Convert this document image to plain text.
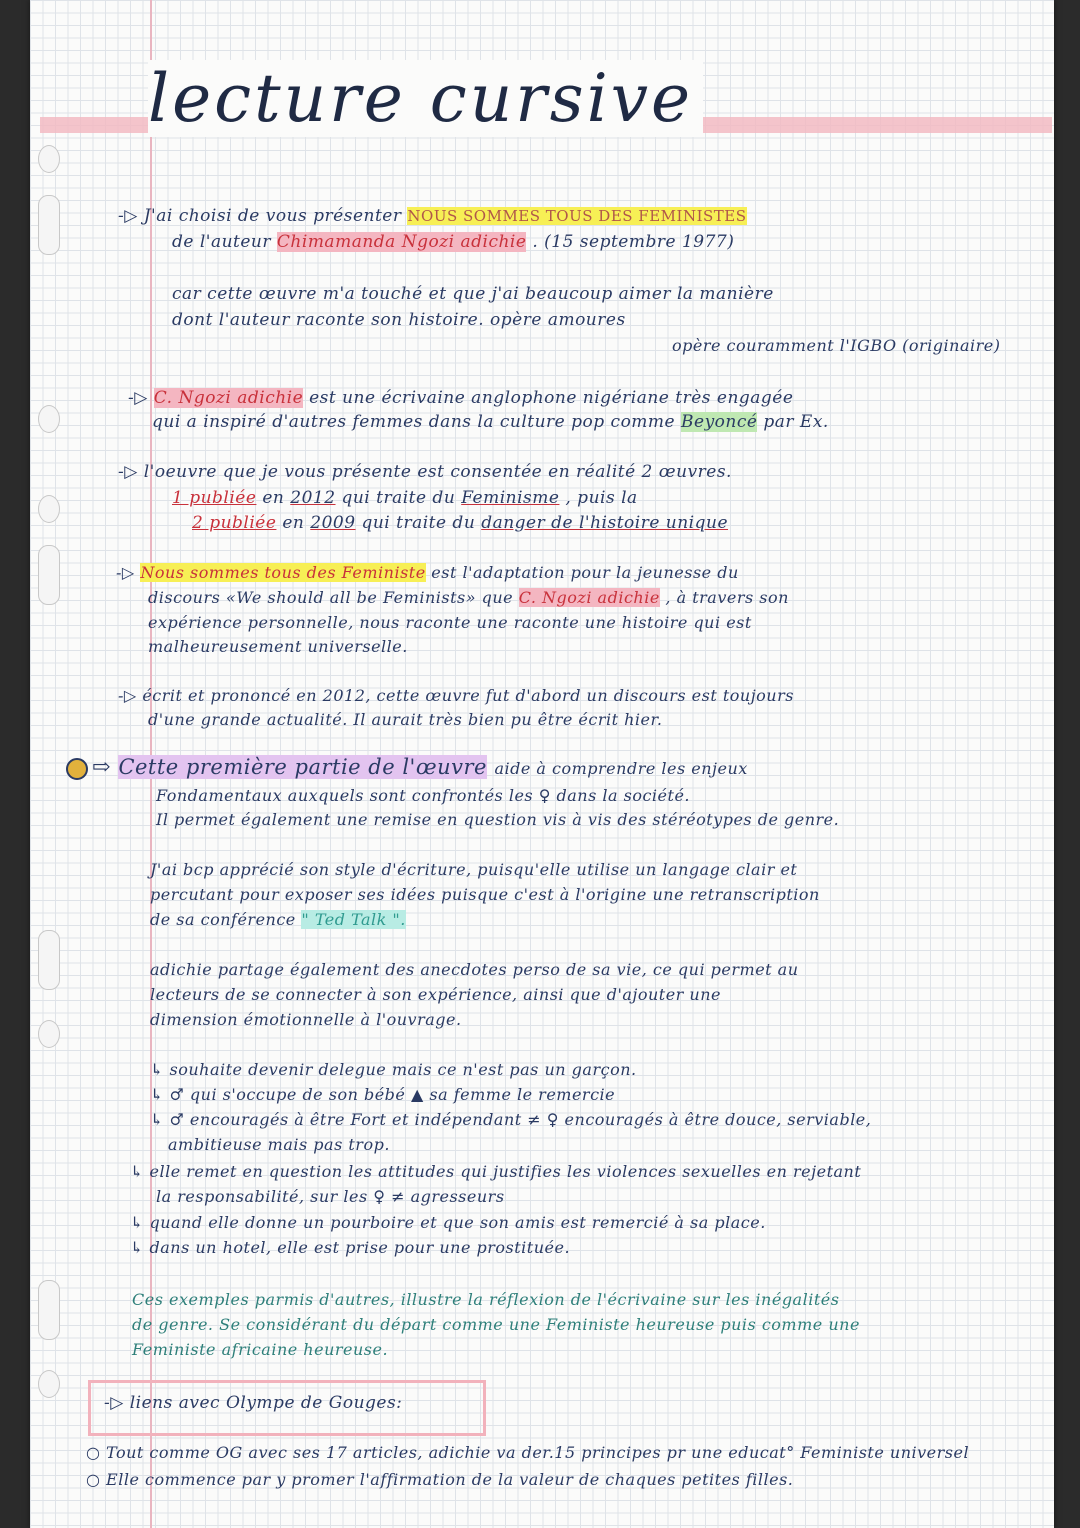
lecture cursive
-▷ J'ai choisi de vous présenter NOUS SOMMES TOUS DES FEMINISTES
de l'auteur Chimamanda Ngozi adichie . (15 septembre 1977)
car cette œuvre m'a touché et que j'ai beaucoup aimer la manière
dont l'auteur raconte son histoire. opère amoures
opère couramment l'IGBO (originaire)
-▷ C. Ngozi adichie est une écrivaine anglophone nigériane très engagée
qui a inspiré d'autres femmes dans la culture pop comme Beyoncé par Ex.
-▷ l'oeuvre que je vous présente est consentée en réalité 2 œuvres.
1 publiée en 2012 qui traite du Feminisme , puis la
2 publiée en 2009 qui traite du danger de l'histoire unique
-▷ Nous sommes tous des Feministe est l'adaptation pour la jeunesse du
discours «We should all be Feminists» que C. Ngozi adichie , à travers son
expérience personnelle, nous raconte une raconte une histoire qui est
malheureusement universelle.
-▷ écrit et prononcé en 2012, cette œuvre fut d'abord un discours est toujours
d'une grande actualité. Il aurait très bien pu être écrit hier.
⇨ Cette première partie de l'œuvre aide à comprendre les enjeux
Fondamentaux auxquels sont confrontés les ♀ dans la société.
Il permet également une remise en question vis à vis des stéréotypes de genre.
J'ai bcp apprécié son style d'écriture, puisqu'elle utilise un langage clair et
percutant pour exposer ses idées puisque c'est à l'origine une retranscription
de sa conférence " Ted Talk ".
adichie partage également des anecdotes perso de sa vie, ce qui permet au
lecteurs de se connecter à son expérience, ainsi que d'ajouter une
dimension émotionnelle à l'ouvrage.
↳ souhaite devenir delegue mais ce n'est pas un garçon.
↳ ♂ qui s'occupe de son bébé ▲ sa femme le remercie
↳ ♂ encouragés à être Fort et indépendant ≠ ♀ encouragés à être douce, serviable,
ambitieuse mais pas trop.
↳ elle remet en question les attitudes qui justifies les violences sexuelles en rejetant
la responsabilité, sur les ♀ ≠ agresseurs
↳ quand elle donne un pourboire et que son amis est remercié à sa place.
↳ dans un hotel, elle est prise pour une prostituée.
Ces exemples parmis d'autres, illustre la réflexion de l'écrivaine sur les inégalités
de genre. Se considérant du départ comme une Feministe heureuse puis comme une
Feministe africaine heureuse.
-▷ liens avec Olympe de Gouges:
○ Tout comme OG avec ses 17 articles, adichie va der.15 principes pr une educat° Feministe universel
○ Elle commence par y promer l'affirmation de la valeur de chaques petites filles.
